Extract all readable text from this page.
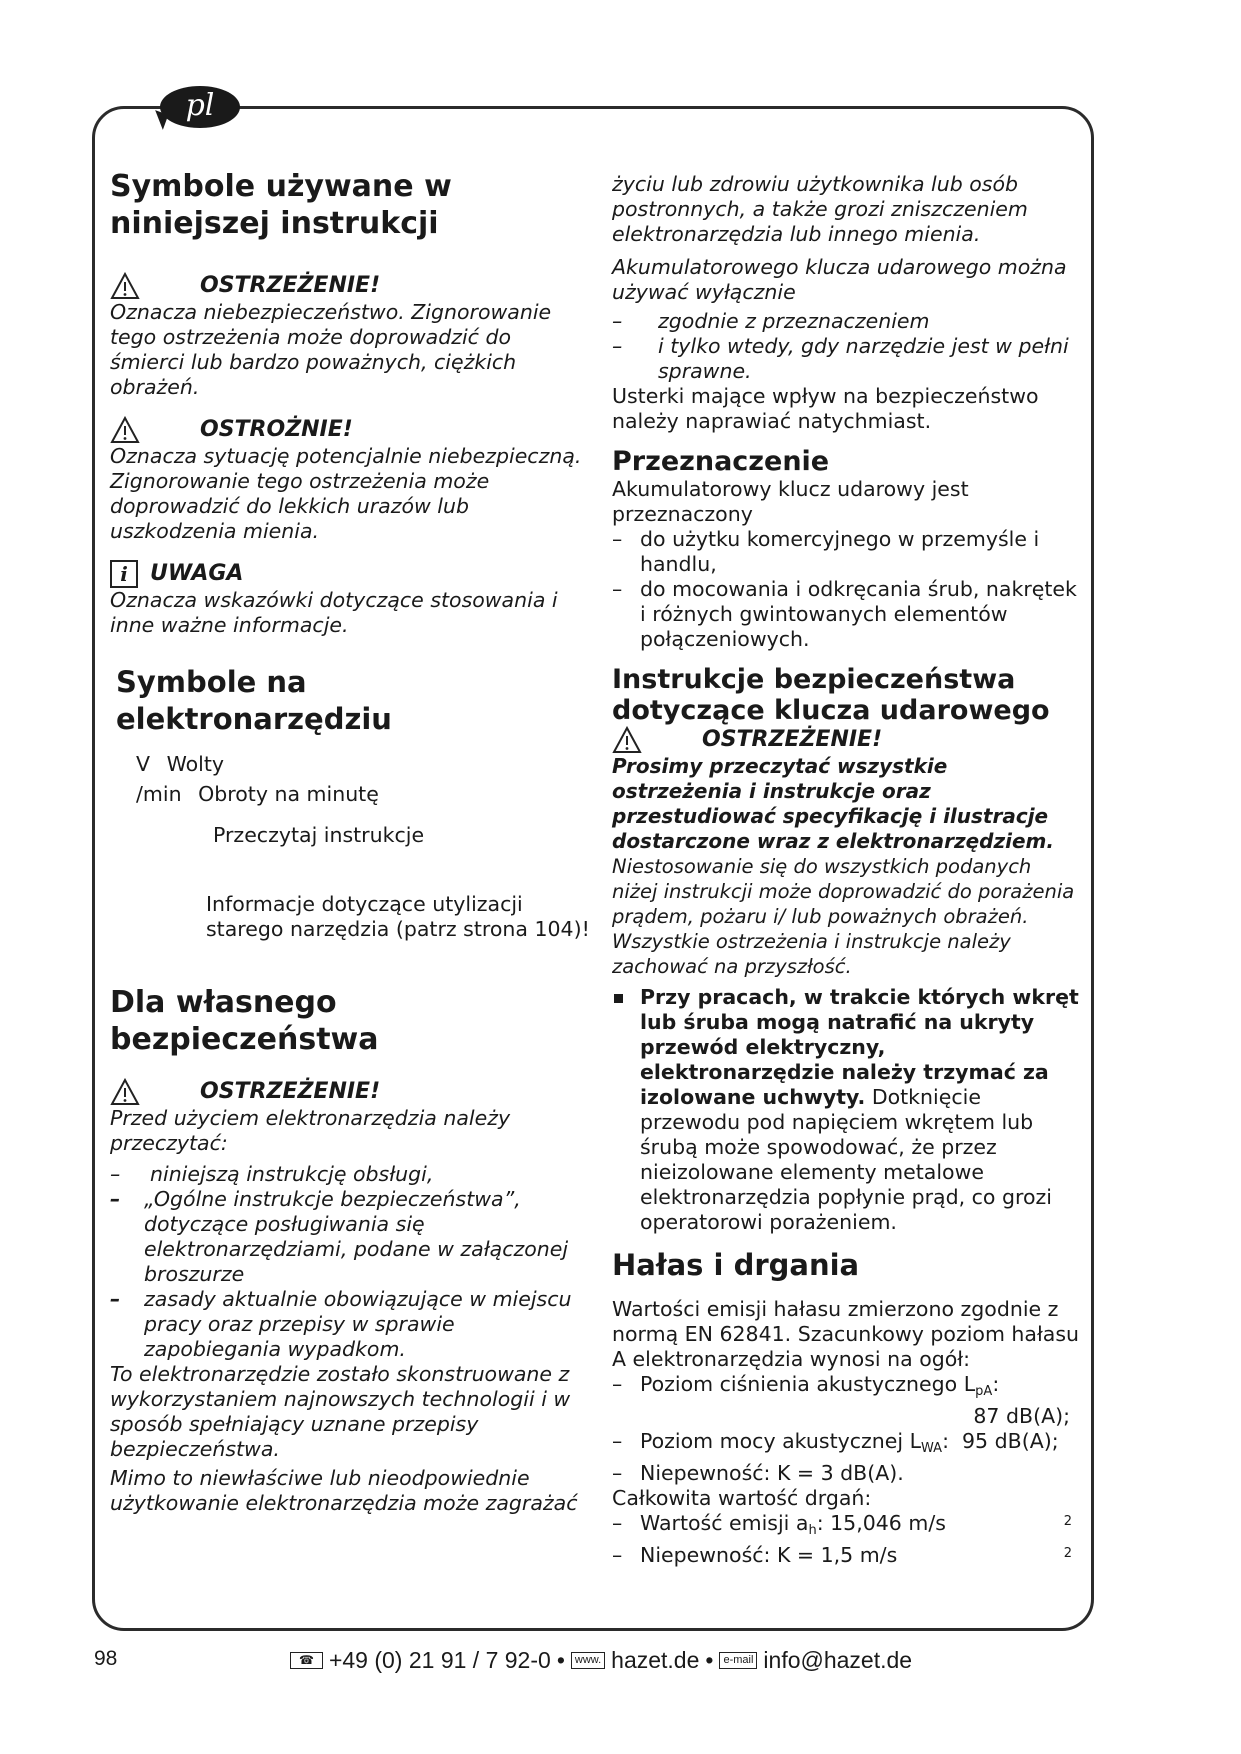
pl
Symbole używane w niniejszej instrukcji
OSTRZEŻENIE!
Oznacza niebezpieczeństwo. Zignorowanie tego ostrzeżenia może doprowadzić do śmierci lub bardzo poważnych, ciężkich obrażeń.
OSTROŻNIE!
Oznacza sytuację potencjalnie niebezpieczną. Zignorowanie tego ostrzeżenia może doprowadzić do lekkich urazów lub uszkodzenia mienia.
i	UWAGA
Oznacza wskazówki dotyczące stosowania i inne ważne informacje.
Symbole na elektronarzędziu
V Wolty
/min Obroty na minutę
Przeczytaj instrukcje
Informacje dotyczące utylizacji starego narzędzia (patrz strona 104)!
Dla własnego bezpieczeństwa
OSTRZEŻENIE!
Przed użyciem elektronarzędzia należy przeczytać:
– niniejszą instrukcję obsługi,
– „Ogólne instrukcje bezpieczeństwa”, dotyczące posługiwania się elektronarzędziami, podane w załączonej broszurze
– zasady aktualnie obowiązujące w miejscu pracy oraz przepisy w sprawie zapobiegania wypadkom.
To elektronarzędzie zostało skonstruowane z wykorzystaniem najnowszych technologii i w sposób spełniający uznane przepisy bezpieczeństwa.
Mimo to niewłaściwe lub nieodpowiednie użytkowanie elektronarzędzia może zagrażać
życiu lub zdrowiu użytkownika lub osób postronnych, a także grozi zniszczeniem elektronarzędzia lub innego mienia.
Akumulatorowego klucza udarowego można używać wyłącznie
– zgodnie z przeznaczeniem
– i tylko wtedy, gdy narzędzie jest w pełni sprawne.
Usterki mające wpływ na bezpieczeństwo należy naprawiać natychmiast.
Przeznaczenie
Akumulatorowy klucz udarowy jest przeznaczony
– do użytku komercyjnego w przemyśle i handlu,
– do mocowania i odkręcania śrub, nakrętek i różnych gwintowanych elementów połączeniowych.
Instrukcje bezpieczeństwa dotyczące klucza udarowego
OSTRZEŻENIE!
Prosimy przeczytać wszystkie ostrzeżenia i instrukcje oraz przestudiować specyfikację i ilustracje dostarczone wraz z elektronarzędziem. Niestosowanie się do wszystkich podanych niżej instrukcji może doprowadzić do porażenia prądem, pożaru i/ lub poważnych obrażeń. Wszystkie ostrzeżenia i instrukcje należy zachować na przyszłość.
Przy pracach, w trakcie których wkręt lub śruba mogą natrafić na ukryty przewód elektryczny, elektronarzędzie należy trzymać za izolowane uchwyty. Dotknięcie przewodu pod napięciem wkrętem lub śrubą może spowodować, że przez nieizolowane elementy metalowe elektronarzędzia popłynie prąd, co grozi operatorowi porażeniem.
Hałas i drgania
Wartości emisji hałasu zmierzono zgodnie z normą EN 62841. Szacunkowy poziom hałasu A elektronarzędzia wynosi na ogół:
– Poziom ciśnienia akustycznego $L_{pA}$:
87 dB(A);
– Poziom mocy akustycznej $L_{WA}$:  95 dB(A);
– Niepewność: K = 3 dB(A).
Całkowita wartość drgań:
– Wartość emisji $a_h$: 15,046 m/s	2
– Niepewność: K = 1,5 m/s	2
98	☎ +49 (0) 21 91 / 7 92-0 • www. hazet.de • e-mail info@hazet.de
